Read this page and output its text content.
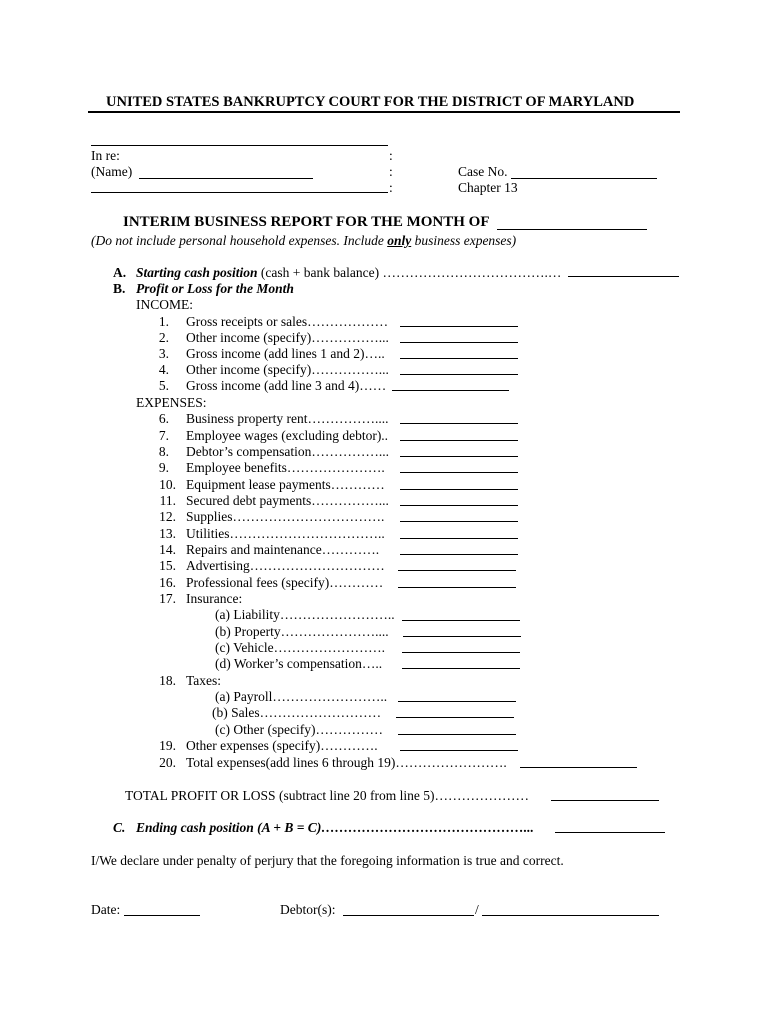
UNITED STATES BANKRUPTCY COURT FOR THE DISTRICT OF MARYLAND
In re:	:
(Name)	:	Case No.
:	Chapter 13
INTERIM BUSINESS REPORT FOR THE MONTH OF
(Do not include personal household expenses. Include only business expenses)
A. Starting cash position (cash + bank balance) ……………………………….…
B. Profit or Loss for the Month
INCOME:
1. Gross receipts or sales………………
2. Other income (specify)……………...
3. Gross income (add lines 1 and 2)…..
4. Other income (specify)……………...
5. Gross income (add line 3 and 4)……
EXPENSES:
6. Business property rent……………....
7. Employee wages (excluding debtor)..
8. Debtor’s compensation……………...
9. Employee benefits………………….
10. Equipment lease payments…………
11. Secured debt payments……………...
12. Supplies…………………………….
13. Utilities……………………………..
14. Repairs and maintenance………….
15. Advertising…………………………
16. Professional fees (specify)…………
17. Insurance:
(a) Liability……………………..
(b) Property…………………....
(c) Vehicle…………………….
(d) Worker’s compensation…..
18. Taxes:
(a) Payroll……………………..
(b) Sales………………………
(c) Other (specify)……………
19. Other expenses (specify)………….
20. Total expenses(add lines 6 through 19)…………………….
TOTAL PROFIT OR LOSS (subtract line 20 from line 5)…………………
C. Ending cash position (A + B = C)………………………………………...
I/We declare under penalty of perjury that the foregoing information is true and correct.
Date:	Debtor(s):	/
